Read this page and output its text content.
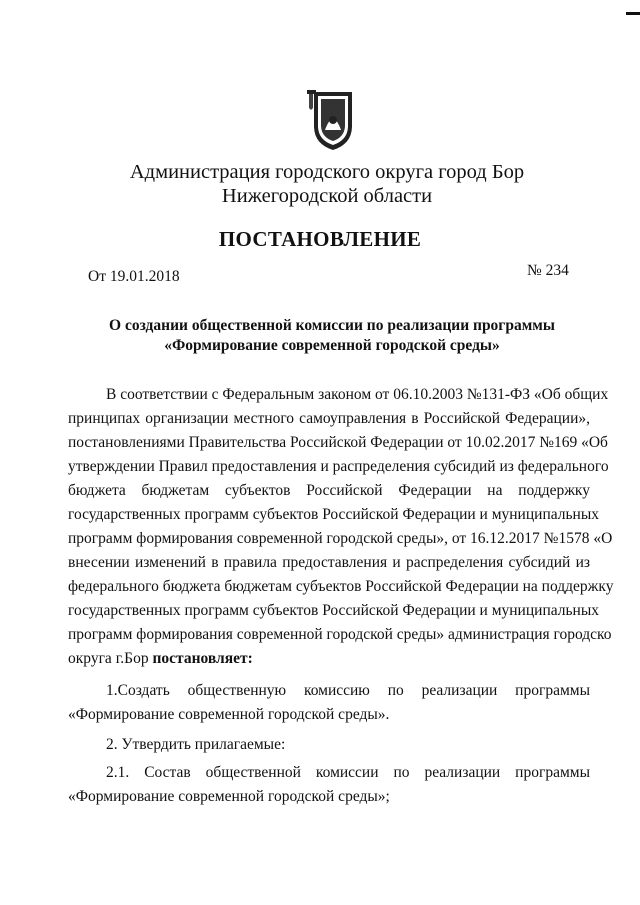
Администрация городского округа город Бор
Нижегородской области
ПОСТАНОВЛЕНИЕ
От 19.01.2018	№ 234
О создании общественной комиссии по реализации программы
«Формирование современной городской среды»
В соответствии с Федеральным законом от 06.10.2003 №131-ФЗ «Об общих
принципах организации местного самоуправления в Российской Федерации»,
постановлениями Правительства Российской Федерации от 10.02.2017 №169 «Об
утверждении Правил предоставления и распределения субсидий из федерального
бюджета бюджетам субъектов Российской Федерации на поддержку
государственных программ субъектов Российской Федерации и муниципальных
программ формирования современной городской среды», от 16.12.2017 №1578 «О
внесении изменений в правила предоставления и распределения субсидий из
федерального бюджета бюджетам субъектов Российской Федерации на поддержку
государственных программ субъектов Российской Федерации и муниципальных
программ формирования современной городской среды» администрация городско
округа г.Бор постановляет:
1.Создать общественную комиссию по реализации программы
«Формирование современной городской среды».
2. Утвердить прилагаемые:
2.1. Состав общественной комиссии по реализации программы
«Формирование современной городской среды»;
